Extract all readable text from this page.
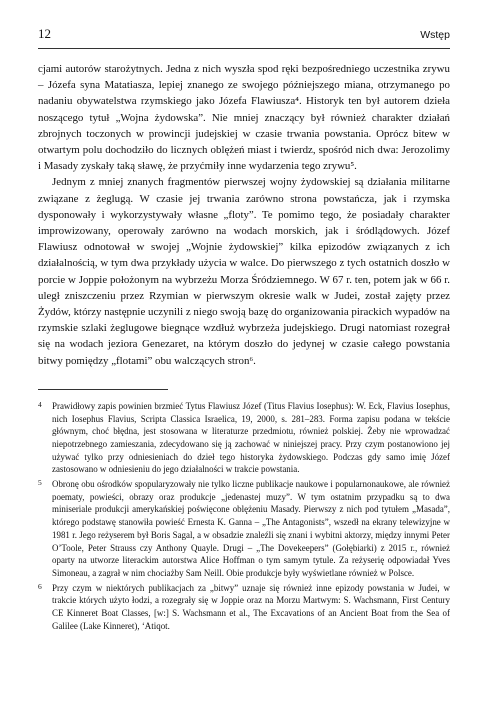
12	Wstęp

cjami autorów starożytnych. Jedna z nich wyszła spod ręki bezpośredniego uczestnika zrywu – Józefa syna Matatiasza, lepiej znanego ze swojego późniejszego miana, otrzymanego po nadaniu obywatelstwa rzymskiego jako Józefa Flawiusza⁴. Historyk ten był autorem dzieła noszącego tytuł „Wojna żydowska”. Nie mniej znaczący był również charakter działań zbrojnych toczonych w prowincji judejskiej w czasie trwania powstania. Oprócz bitew w otwartym polu dochodziło do licznych oblężeń miast i twierdz, spośród nich dwa: Jerozolimy i Masady zyskały taką sławę, że przyćmiły inne wydarzenia tego zrywu⁵.

Jednym z mniej znanych fragmentów pierwszej wojny żydowskiej są działania militarne związane z żeglugą. W czasie jej trwania zarówno strona powstańcza, jak i rzymska dysponowały i wykorzystywały własne „floty”. Te pomimo tego, że posiadały charakter improwizowany, operowały zarówno na wodach morskich, jak i śródlądowych. Józef Flawiusz odnotował w swojej „Wojnie żydowskiej” kilka epizodów związanych z ich działalnością, w tym dwa przykłady użycia w walce. Do pierwszego z tych ostatnich doszło w porcie w Joppie położonym na wybrzeżu Morza Śródziemnego. W 67 r. ten, potem jak w 66 r. uległ zniszczeniu przez Rzymian w pierwszym okresie walk w Judei, został zajęty przez Żydów, którzy następnie uczynili z niego swoją bazę do organizowania pirackich wypadów na rzymskie szlaki żeglugowe biegnące wzdłuż wybrzeża judejskiego. Drugi natomiast rozegrał się na wodach jeziora Genezaret, na którym doszło do jedynej w czasie całego powstania bitwy pomiędzy „flotami” obu walczących stron⁶.

4 Prawidłowy zapis powinien brzmieć Tytus Flawiusz Józef (Titus Flavius Iosephus): W. Eck, Flavius Iosephus, nich Iosephus Flavius, Scripta Classica Israelica, 19, 2000, s. 281–283. Forma zapisu podana w tekście głównym, choć błędna, jest stosowana w literaturze przedmiotu, również polskiej. Żeby nie wprowadzać niepotrzebnego zamieszania, zdecydowano się ją zachować w niniejszej pracy. Przy czym postanowiono jej używać tylko przy odniesieniach do dzieł tego historyka żydowskiego. Podczas gdy samo imię Józef zastosowano w odniesieniu do jego działalności w trakcie powstania.

5 Obronę obu ośrodków spopularyzowały nie tylko liczne publikacje naukowe i popularnonaukowe, ale również poematy, powieści, obrazy oraz produkcje „jedenastej muzy”. W tym ostatnim przypadku są to dwa miniseriale produkcji amerykańskiej poświęcone oblężeniu Masady. Pierwszy z nich pod tytułem „Masada”, którego podstawę stanowiła powieść Ernesta K. Ganna – „The Antagonists”, wszedł na ekrany telewizyjne w 1981 r. Jego reżyserem był Boris Sagal, a w obsadzie znaleźli się znani i wybitni aktorzy, między innymi Peter O’Toole, Peter Strauss czy Anthony Quayle. Drugi – „The Dovekeepers” (Gołębiarki) z 2015 r., również oparty na utworze literackim autorstwa Alice Hoffman o tym samym tytule. Za reżyserię odpowiadał Yves Simoneau, a zagrał w nim chociażby Sam Neill. Obie produkcje były wyświetlane również w Polsce.

6 Przy czym w niektórych publikacjach za „bitwy” uznaje się również inne epizody powstania w Judei, w trakcie których użyto łodzi, a rozegrały się w Joppie oraz na Morzu Martwym: S. Wachsmann, First Century CE Kinneret Boat Classes, [w:] S. Wachsmann et al., The Excavations of an Ancient Boat from the Sea of Galilee (Lake Kinneret), ‘Atiqot.
